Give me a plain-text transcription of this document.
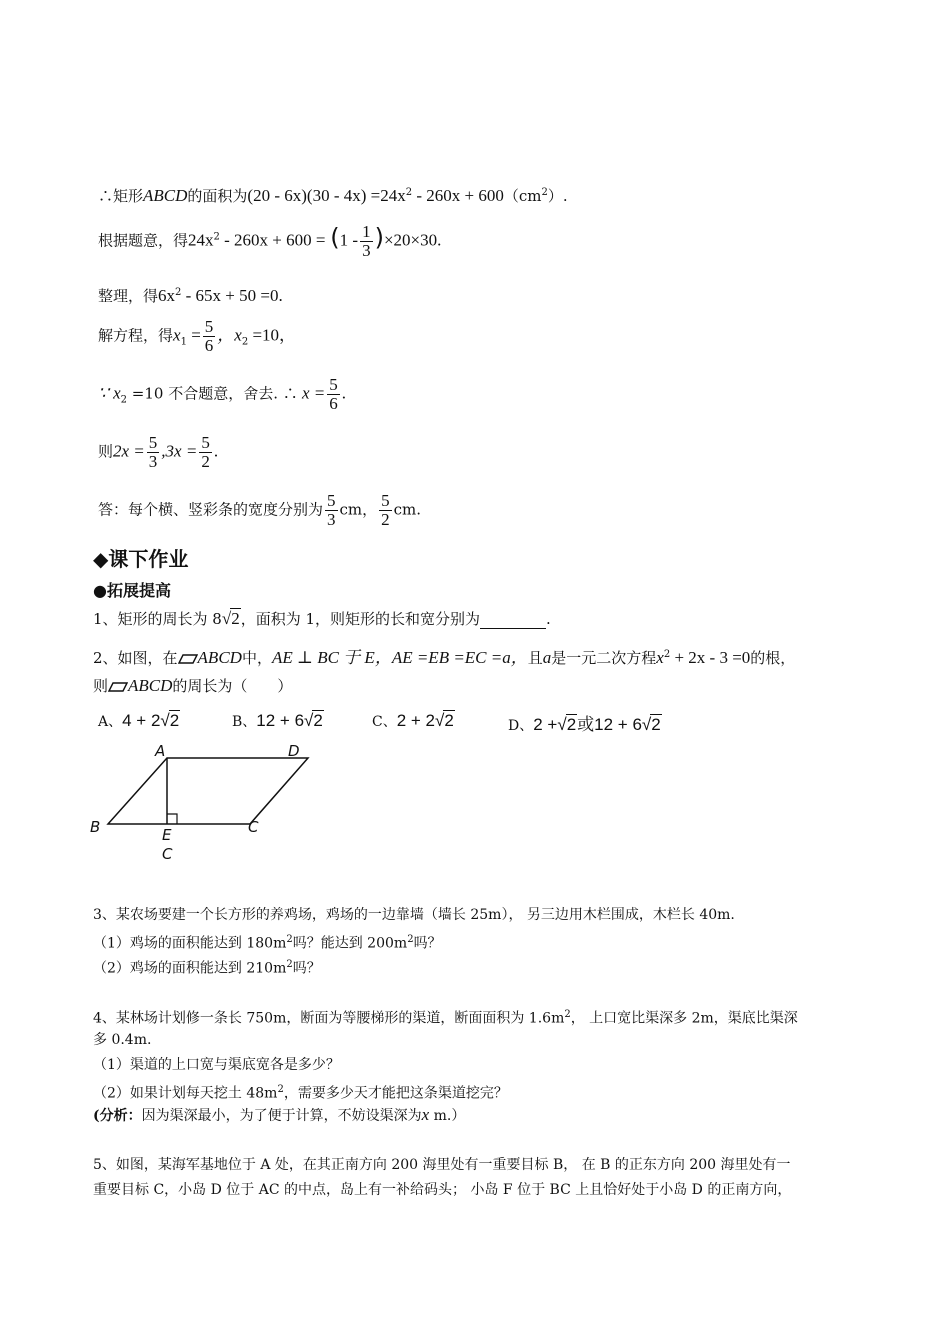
∴矩形ABCD的面积为$(20 - 6x)(30 - 4x) =24x^2 - 260x + 600(cm^2)$.
根据题意，得$24x^2 - 260x + 600 = (1 - \frac{1}{3} )\times 20\times 30$.
整理，得$6x^2 - 65x + 50 =0$.
解方程，得$x_1 = \frac{5}{6}$ ，$x_2 =10$，
∵ $x_2 =10$ 不合题意，舍去. ∴ $x = \frac{5}{6}$ .
则$2x = \frac{5}{3} ,3x = \frac{5}{2}$ .
答：每个横、竖彩条的宽度分别为 $\frac{5}{3}$ cm， $\frac{5}{2}$ cm.
◆课下作业
●拓展提高
1、矩形的周长为 8√2，面积为 1，则矩形的长和宽分别为	.
2、如图，在 ABCD中，AE ⊥ BC 于 E，AE =EB =EC =a，且a是一元二次方程$x^2 + 2x - 3 =0$的根，
则 ABCD的周长为（　　）
A、4 + 2√2	B、12 + 6√2	C、2 + 2√2	D、2 +√2或12 + 6√2
A	D
B	C
E
C
3、某农场要建一个长方形的养鸡场，鸡场的一边靠墙（墙长 25m）， 另三边用木栏围成，木栏长 40m.
（1）鸡场的面积能达到 $180m^2$吗？能达到 $200m^2$吗？
（2）鸡场的面积能达到 $210m^2$吗？
4、某林场计划修一条长 750m，断面为等腰梯形的渠道，断面面积为 $1.6m^2$， 上口宽比渠深多 2m，渠底比渠深
多 0.4m.
（1）渠道的上口宽与渠底宽各是多少？
（2）如果计划每天挖土 $48m^2$，需要多少天才能把这条渠道挖完？
(分析：因为渠深最小，为了便于计算，不妨设渠深为x m.）
5、如图，某海军基地位于 A 处，在其正南方向 200 海里处有一重要目标 B， 在 B 的正东方向 200 海里处有一
重要目标 C，小岛 D 位于 AC 的中点，岛上有一补给码头； 小岛 F 位于 BC 上且恰好处于小岛 D 的正南方向，
